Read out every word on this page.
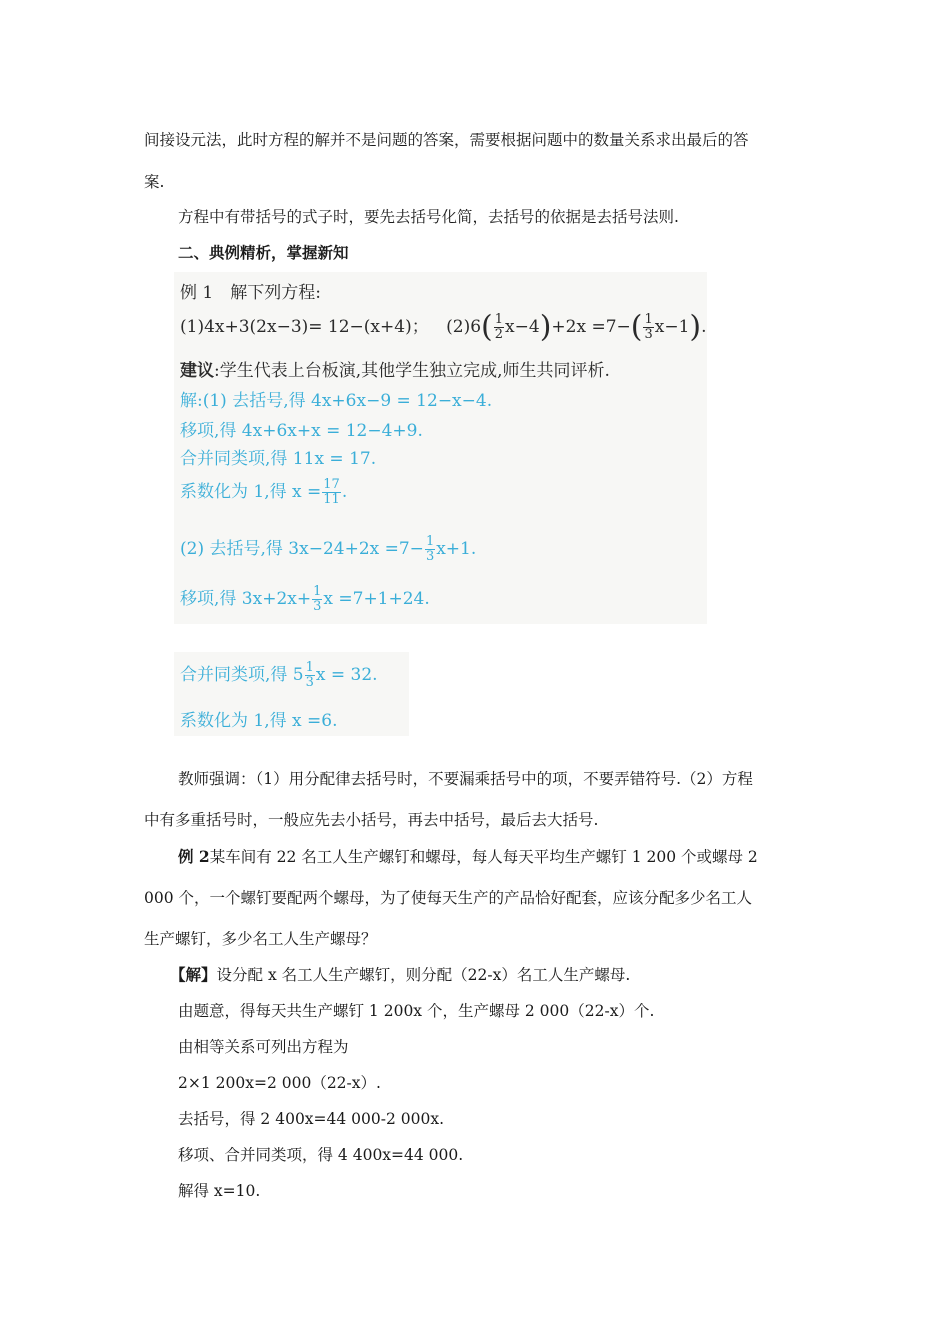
间接设元法，此时方程的解并不是问题的答案，需要根据问题中的数量关系求出最后的答
案.
方程中有带括号的式子时，要先去括号化简，去括号的依据是去括号法则.
二、典例精析，掌握新知
例 1　解下列方程:
(1)4x+3(2x−3)= 12−(x+4)； $(2)6( \frac{1}{2} x-4)+2x =7-( \frac{1}{3} x-1)$.
建议:学生代表上台板演,其他学生独立完成,师生共同评析.
解:(1) 去括号,得 4x+6x−9 = 12−x−4.
移项,得 4x+6x+x = 12−4+9.
合并同类项,得 11x = 17.
系数化为 1,得 $x = \frac{17}{11}$ .
(2) 去括号,得 $3x-24+2x =7- \frac{1}{3} x+1$.
移项,得 $3x+2x+ \frac{1}{3}$ x =7+1+24.
合并同类项,得 $5 \frac{1}{3}$ x = 32.
系数化为 1,得 x =6.
教师强调：（1）用分配律去括号时，不要漏乘括号中的项，不要弄错符号.（2）方程
中有多重括号时，一般应先去小括号，再去中括号，最后去大括号.
例 2某车间有 22 名工人生产螺钉和螺母，每人每天平均生产螺钉 1 200 个或螺母 2
000 个，一个螺钉要配两个螺母，为了使每天生产的产品恰好配套，应该分配多少名工人
生产螺钉，多少名工人生产螺母？
【解】设分配 x 名工人生产螺钉，则分配（22-x）名工人生产螺母.
由题意，得每天共生产螺钉 1 200x 个，生产螺母 2 000（22-x）个.
由相等关系可列出方程为
2×1 200x=2 000（22-x）.
去括号，得 2 400x=44 000-2 000x.
移项、合并同类项，得 4 400x=44 000.
解得 x=10.
